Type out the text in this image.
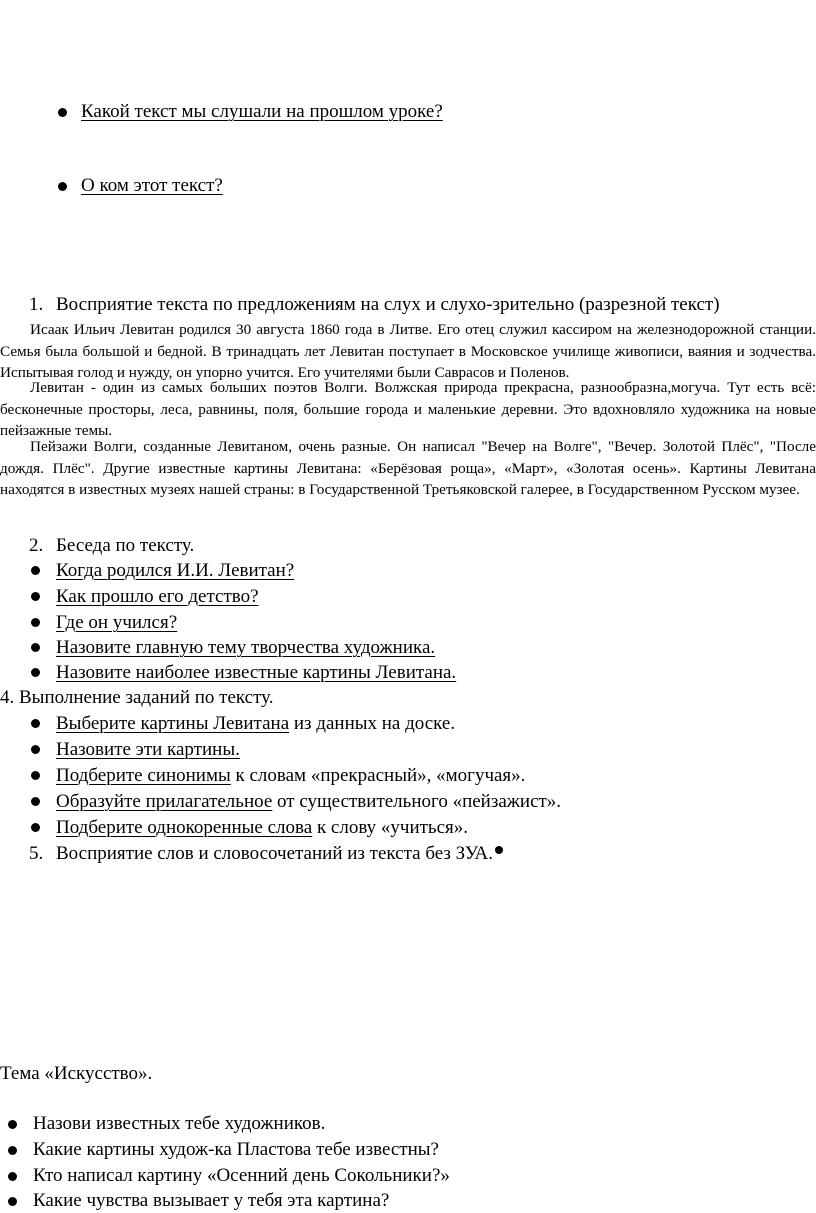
Какой текст мы слушали на прошлом уроке?
О ком этот текст?
1. Восприятие текста по предложениям на слух и слухо-зрительно (разрезной текст)
Исаак Ильич Левитан родился 30 августа 1860 года в Литве. Его отец служил кассиром на железнодорожной станции. Семья была большой и бедной. В тринадцать лет Левитан поступает в Московское училище живописи, ваяния и зодчества. Испытывая голод и нужду, он упорно учится. Его учителями были Саврасов и Поленов.
Левитан - один из самых больших поэтов Волги. Волжская природа прекрасна, разнообразна,могуча. Тут есть всё: бесконечные просторы, леса, равнины, поля, большие города и маленькие деревни. Это вдохновляло художника на новые пейзажные темы.
Пейзажи Волги, созданные Левитаном, очень разные. Он написал "Вечер на Волге", "Вечер. Золотой Плёс", "После дождя. Плёс". Другие известные картины Левитана: «Берёзовая роща», «Март», «Золотая осень». Картины Левитана находятся в известных музеях нашей страны: в Государственной Третьяковской галерее, в Государственном Русском музее.
2. Беседа по тексту.
Когда родился И.И. Левитан?
Как прошло его детство?
Где он учился?
Назовите главную тему творчества художника.
Назовите наиболее известные картины Левитана.
4. Выполнение заданий по тексту.
Выберите картины Левитана из данных на доске.
Назовите эти картины.
Подберите синонимы к словам «прекрасный», «могучая».
Образуйте прилагательное от существительного «пейзажист».
Подберите однокоренные слова к слову «учиться».
5. Восприятие слов и словосочетаний из текста без ЗУА.
Тема «Искусство».
Назови известных тебе художников.
Какие картины худож-ка Пластова тебе известны?
Кто написал картину «Осенний день Сокольники?»
Какие чувства вызывает у тебя эта картина?
